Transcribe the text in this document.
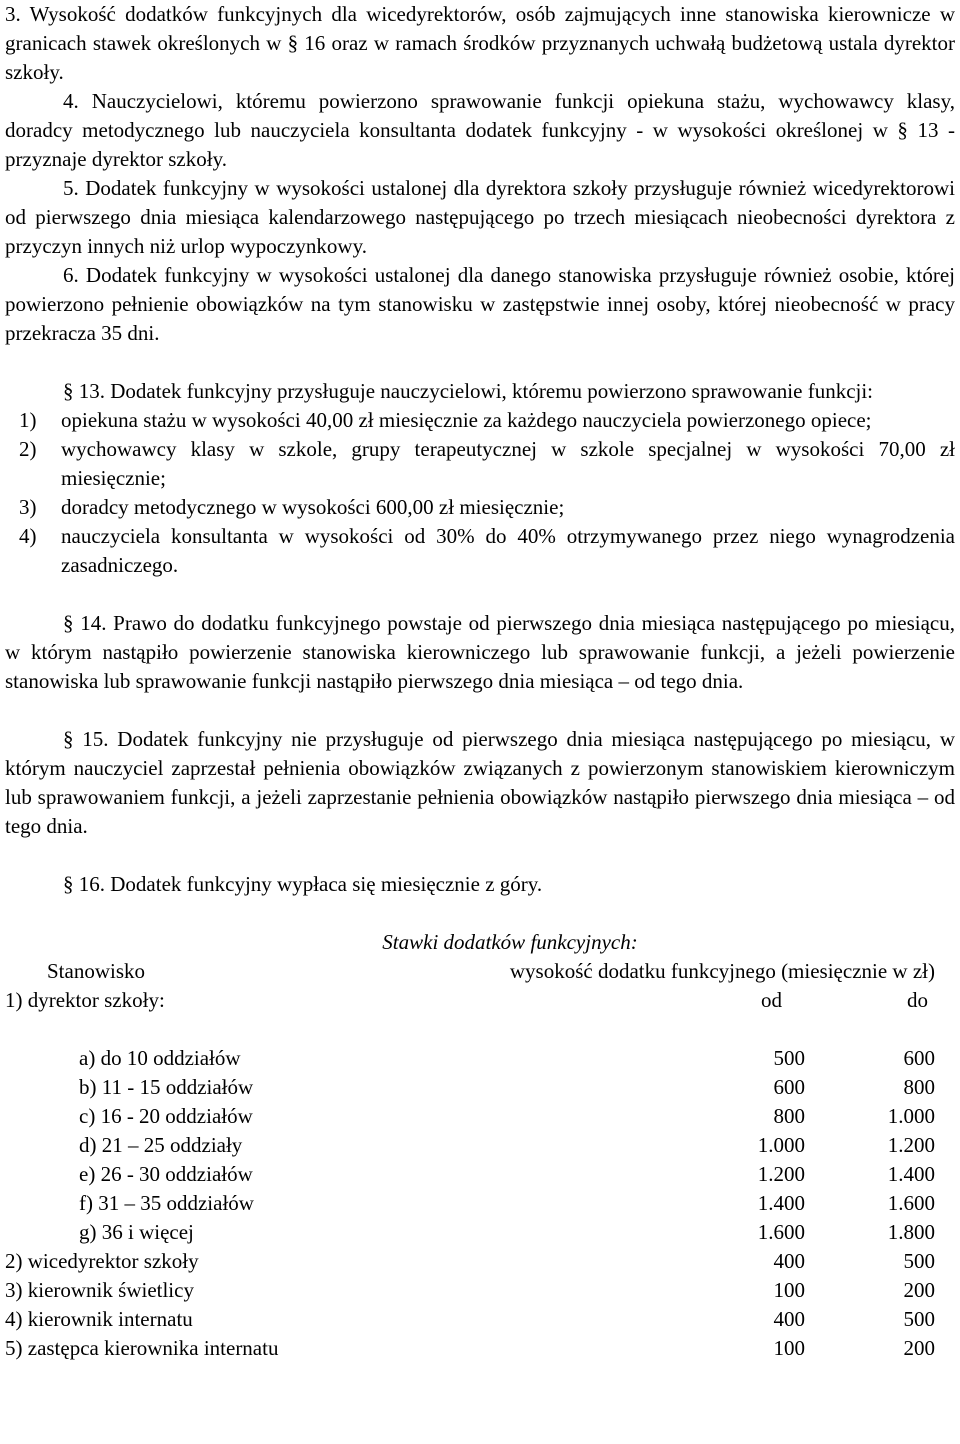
3. Wysokość dodatków funkcyjnych dla wicedyrektorów, osób zajmujących inne stanowiska kierownicze w granicach stawek określonych w § 16 oraz w ramach środków przyznanych uchwałą budżetową ustala dyrektor szkoły.

4. Nauczycielowi, któremu powierzono sprawowanie funkcji opiekuna stażu, wychowawcy klasy, doradcy metodycznego lub nauczyciela konsultanta dodatek funkcyjny - w wysokości określonej w § 13 - przyznaje dyrektor szkoły.

5. Dodatek funkcyjny w wysokości ustalonej dla dyrektora szkoły przysługuje również wicedyrektorowi od pierwszego dnia miesiąca kalendarzowego następującego po trzech miesiącach nieobecności dyrektora z przyczyn innych niż urlop wypoczynkowy.

6. Dodatek funkcyjny w wysokości ustalonej dla danego stanowiska przysługuje również osobie, której powierzono pełnienie obowiązków na tym stanowisku w zastępstwie innej osoby, której nieobecność w pracy przekracza 35 dni.

§ 13. Dodatek funkcyjny przysługuje nauczycielowi, któremu powierzono sprawowanie funkcji:

1)	opiekuna stażu w wysokości 40,00 zł miesięcznie za każdego nauczyciela powierzonego opiece;
2)	wychowawcy klasy w szkole, grupy terapeutycznej w szkole specjalnej w wysokości 70,00 zł miesięcznie;
3)	doradcy metodycznego w wysokości 600,00 zł miesięcznie;
4)	nauczyciela konsultanta w wysokości od 30% do 40% otrzymywanego przez niego wynagrodzenia zasadniczego.

§ 14. Prawo do dodatku funkcyjnego powstaje od pierwszego dnia miesiąca następującego po miesiącu, w którym nastąpiło powierzenie stanowiska kierowniczego lub sprawowanie funkcji, a jeżeli powierzenie stanowiska lub sprawowanie funkcji nastąpiło pierwszego dnia miesiąca – od tego dnia.

§ 15. Dodatek funkcyjny nie przysługuje od pierwszego dnia miesiąca następującego po miesiącu, w którym nauczyciel zaprzestał pełnienia obowiązków związanych z powierzonym stanowiskiem kierowniczym lub sprawowaniem funkcji, a jeżeli zaprzestanie pełnienia obowiązków nastąpiło pierwszego dnia miesiąca – od tego dnia.

§ 16. Dodatek funkcyjny wypłaca się miesięcznie z góry.

Stawki dodatków funkcyjnych:
Stanowisko	wysokość dodatku funkcyjnego (miesięcznie w zł)
1) dyrektor szkoły:	od	do
a) do 10 oddziałów	500	600
b) 11 - 15 oddziałów	600	800
c) 16 - 20 oddziałów	800	1.000
d) 21 – 25 oddziały	1.000	1.200
e) 26 - 30 oddziałów	1.200	1.400
f) 31 – 35 oddziałów	1.400	1.600
g) 36 i więcej	1.600	1.800
2) wicedyrektor szkoły	400	500
3) kierownik świetlicy	100	200
4) kierownik internatu	400	500
5) zastępca kierownika internatu	100	200
